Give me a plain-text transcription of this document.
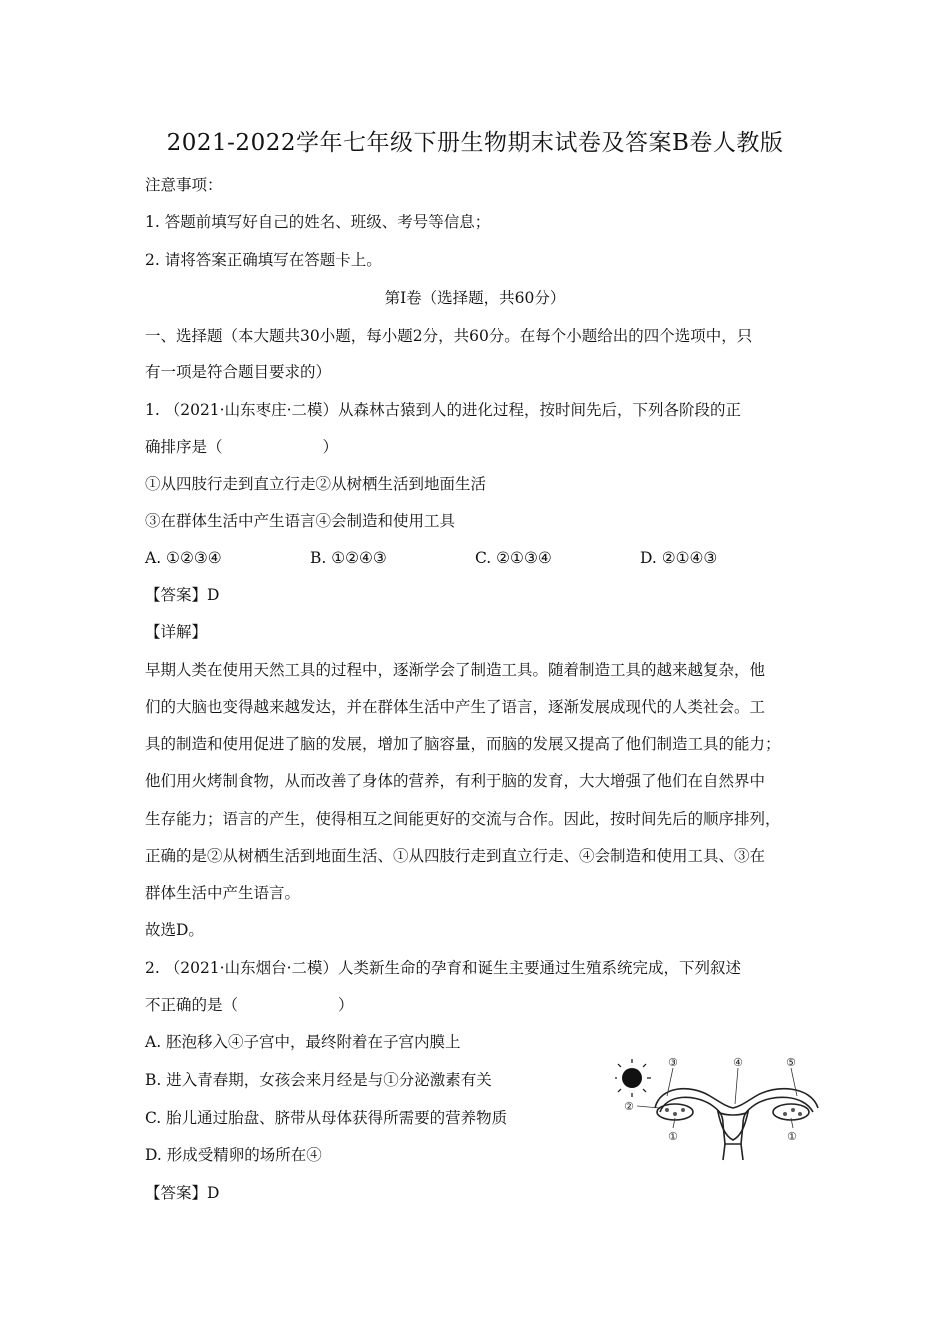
2021-2022学年七年级下册生物期末试卷及答案B卷人教版
注意事项：
1. 答题前填写好自己的姓名、班级、考号等信息；
2. 请将答案正确填写在答题卡上。
第I卷（选择题，共60分）
一、选择题（本大题共30小题，每小题2分，共60分。在每个小题给出的四个选项中，只
有一项是符合题目要求的）
1. （2021·山东枣庄·二模）从森林古猿到人的进化过程，按时间先后，下列各阶段的正
确排序是（	）
①从四肢行走到直立行走②从树栖生活到地面生活
③在群体生活中产生语言④会制造和使用工具
A. ①②③④	B. ①②④③	C. ②①③④	D. ②①④③
【答案】D
【详解】
早期人类在使用天然工具的过程中，逐渐学会了制造工具。随着制造工具的越来越复杂，他
们的大脑也变得越来越发达，并在群体生活中产生了语言，逐渐发展成现代的人类社会。工
具的制造和使用促进了脑的发展，增加了脑容量，而脑的发展又提高了他们制造工具的能力；
他们用火烤制食物，从而改善了身体的营养，有利于脑的发育，大大增强了他们在自然界中
生存能力；语言的产生，使得相互之间能更好的交流与合作。因此，按时间先后的顺序排列，
正确的是②从树栖生活到地面生活、①从四肢行走到直立行走、④会制造和使用工具、③在
群体生活中产生语言。
故选D。
2. （2021·山东烟台·二模）人类新生命的孕育和诞生主要通过生殖系统完成，下列叙述
不正确的是（	）
A. 胚泡移入④子宫中，最终附着在子宫内膜上
B. 进入青春期，女孩会来月经是与①分泌激素有关
C. 胎儿通过胎盘、脐带从母体获得所需要的营养物质
D. 形成受精卵的场所在④
【答案】D
③	④	⑤
②
①	①
